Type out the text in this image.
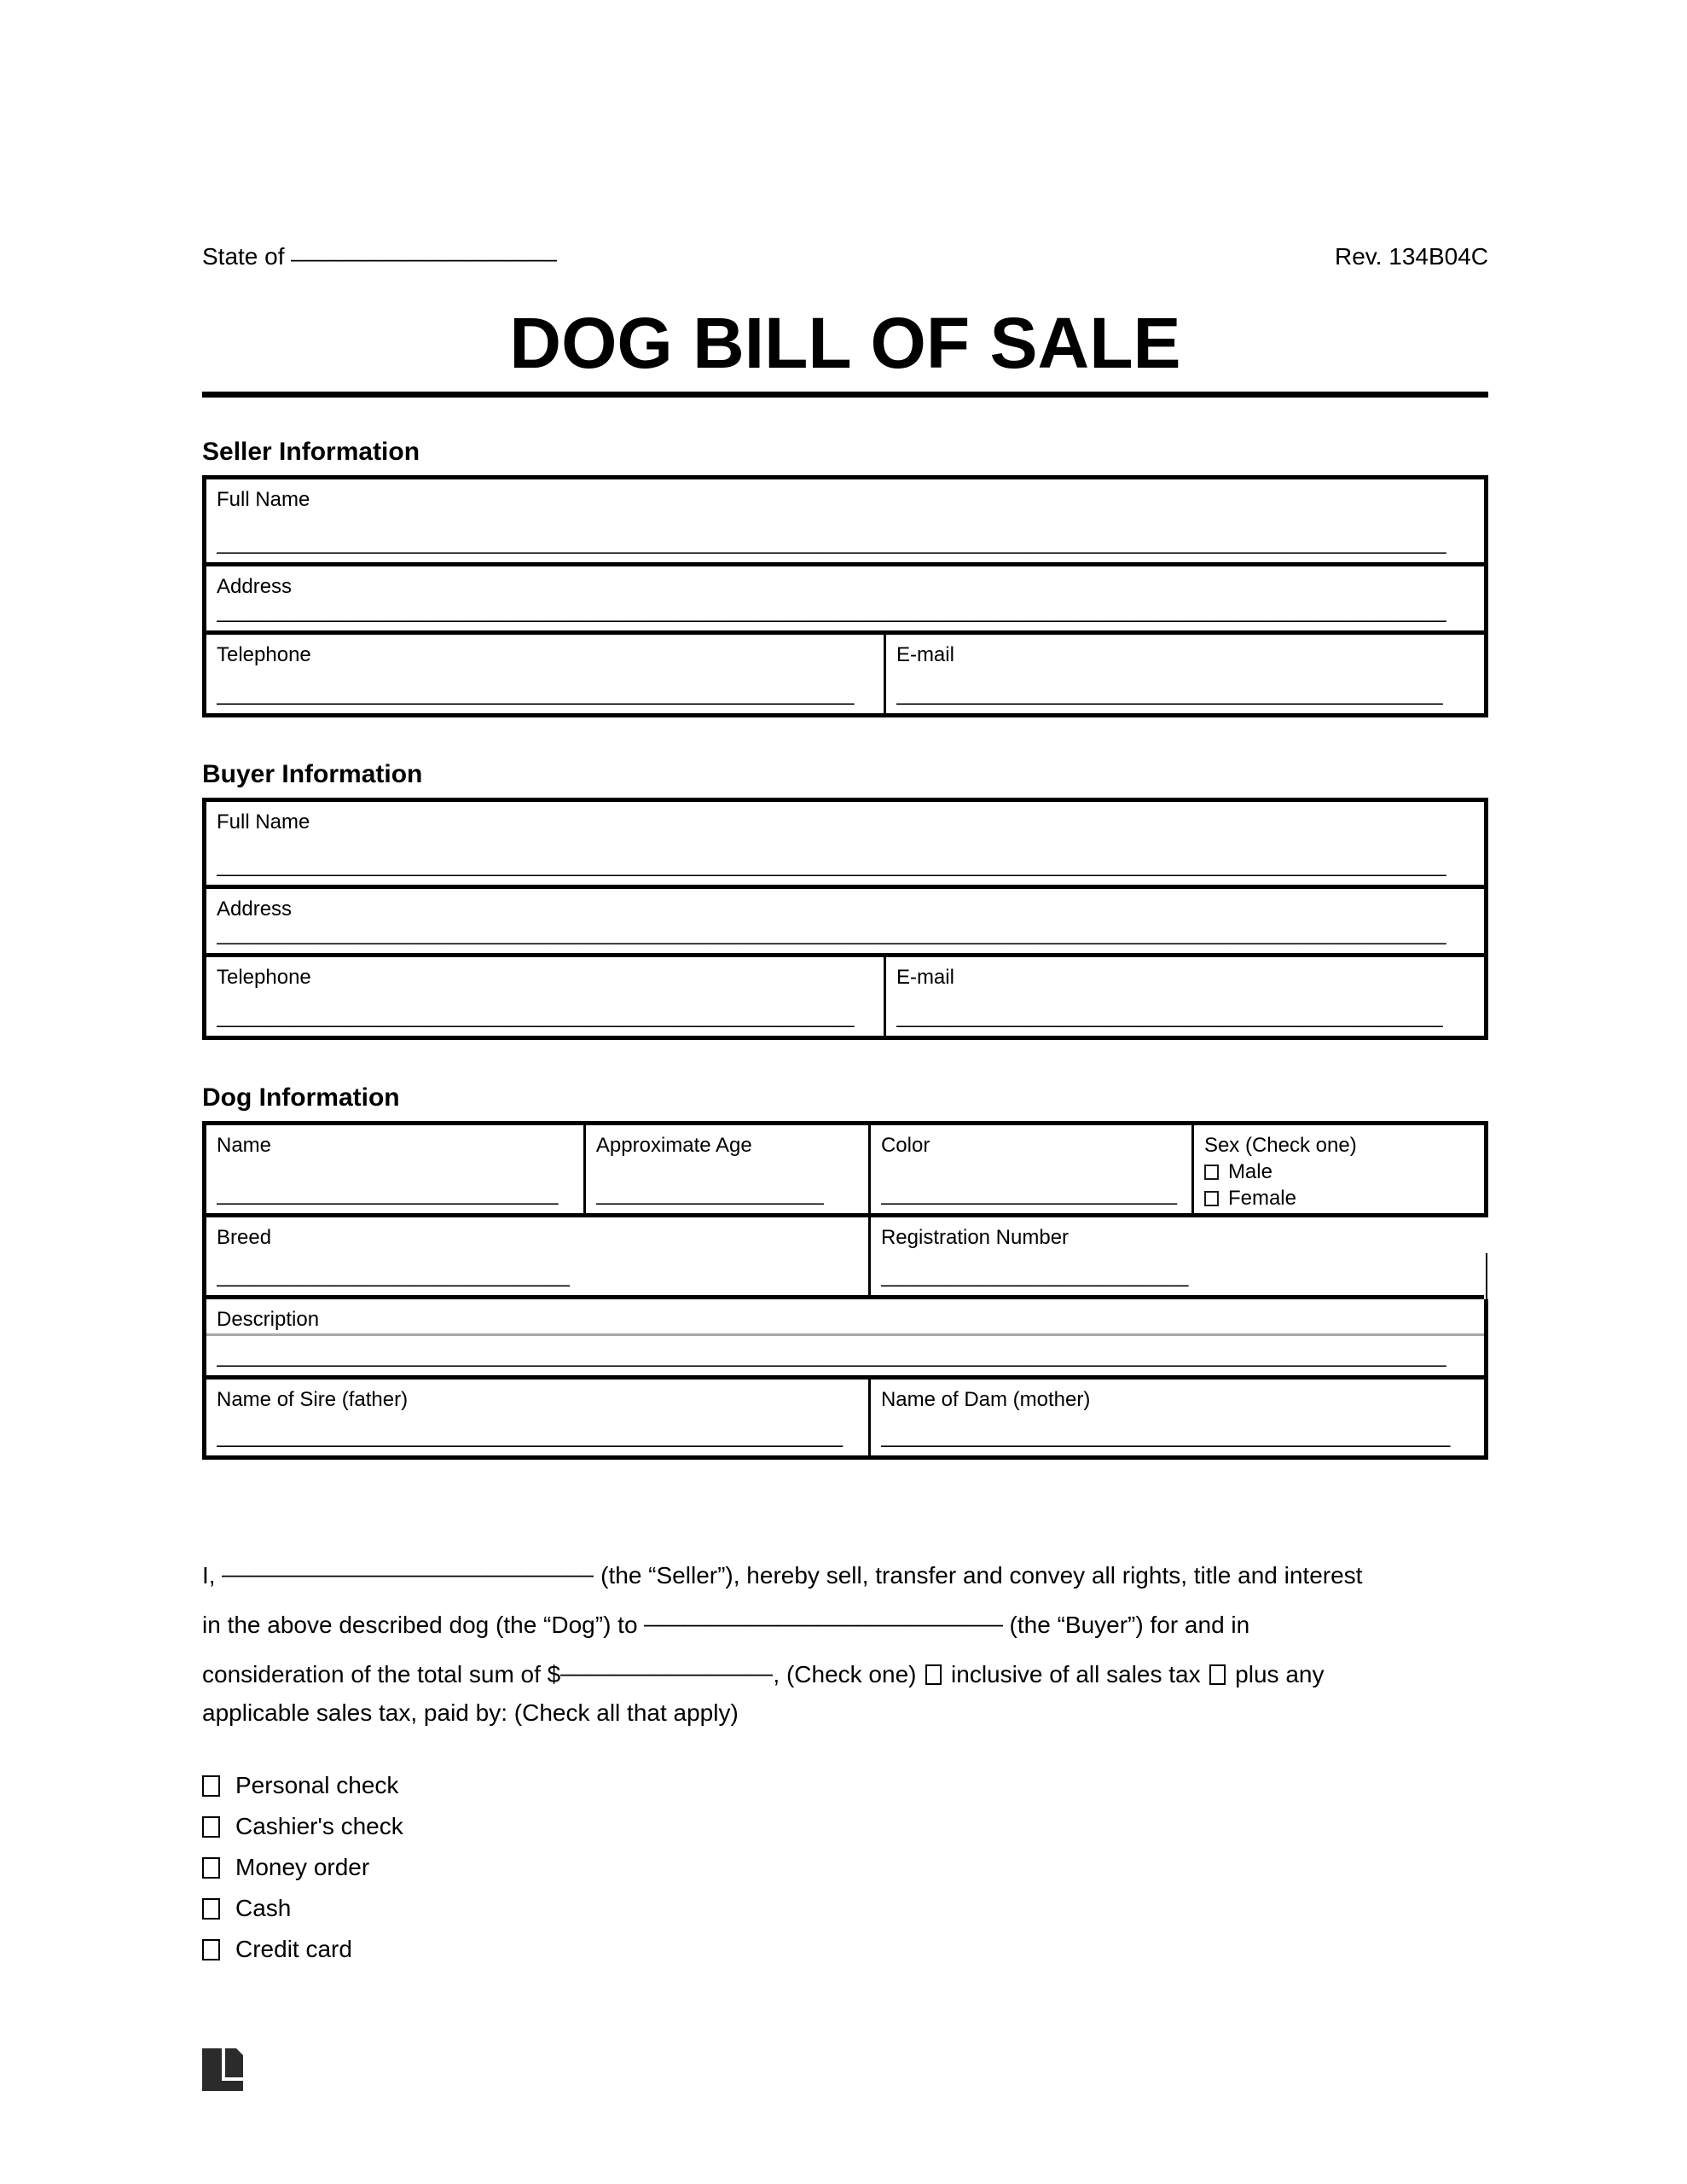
State of ____________________	Rev. 134B04C
DOG BILL OF SALE
Seller Information
Full Name
____________________________________________________________________________________________________________
Address
____________________________________________________________________________________________________________
Telephone
________________________________________________________
E-mail
________________________________________________
Buyer Information
Full Name
____________________________________________________________________________________________________________
Address
____________________________________________________________________________________________________________
Telephone
________________________________________________________
E-mail
________________________________________________
Dog Information
Name
______________________________
Approximate Age
____________________
Color
__________________________
Sex (Check one)
Male
Female
Breed
_______________________________
Registration Number
___________________________
Description
____________________________________________________________________________________________________________
Name of Sire (father)
_______________________________________________________
Name of Dam (mother)
__________________________________________________

I, ____________________________ (the “Seller”), hereby sell, transfer and convey all rights, title and interest
in the above described dog (the “Dog”) to ___________________________ (the “Buyer”) for and in
consideration of the total sum of $________________, (Check one)  inclusive of all sales tax  plus any
applicable sales tax, paid by: (Check all that apply)

Personal check
Cashier's check
Money order
Cash
Credit card
